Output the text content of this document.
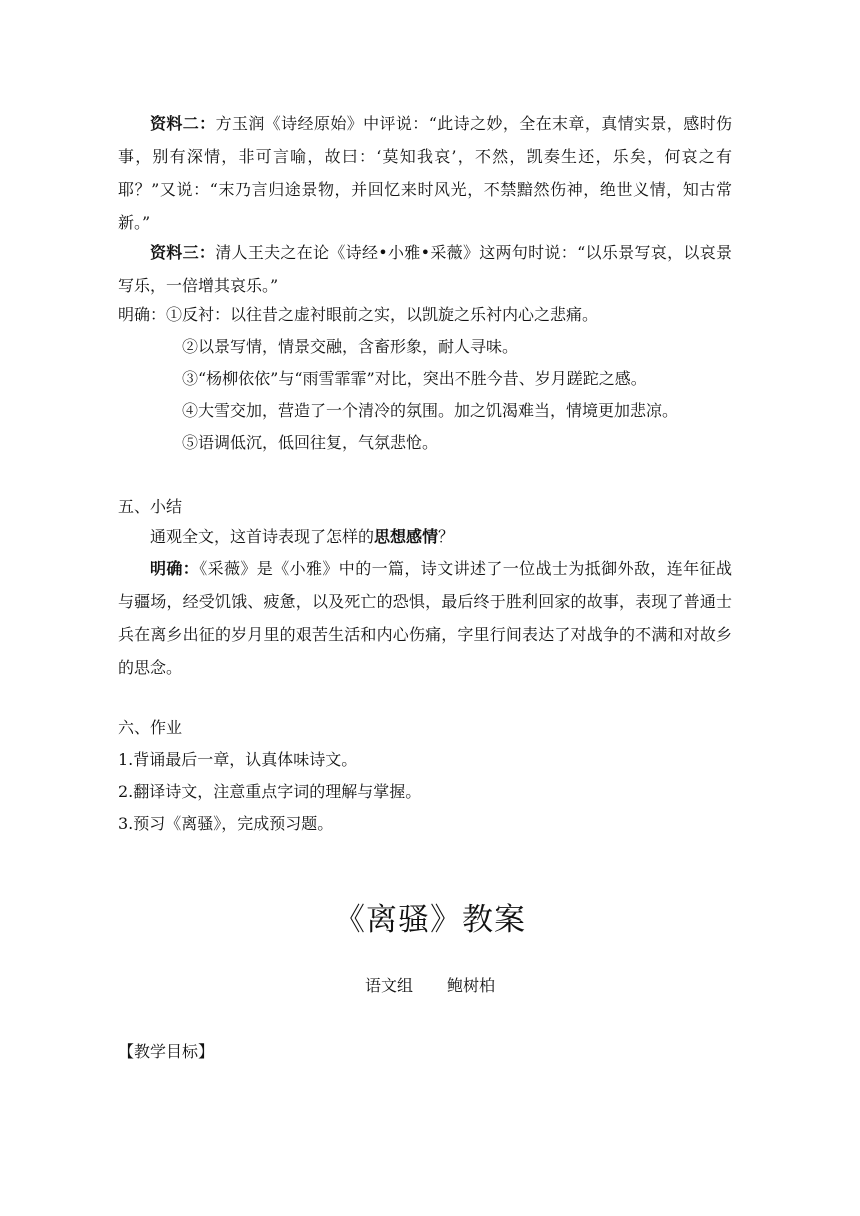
资料二：方玉润《诗经原始》中评说：“此诗之妙，全在末章，真情实景，感时伤事，别有深情，非可言喻，故曰：‘莫知我哀’，不然，凯奏生还，乐矣，何哀之有耶？”又说：“末乃言归途景物，并回忆来时风光，不禁黯然伤神，绝世义情，知古常新。”

资料三：清人王夫之在论《诗经•小雅•采薇》这两句时说：“以乐景写哀，以哀景写乐，一倍增其哀乐。”

明确：①反衬：以往昔之虚衬眼前之实，以凯旋之乐衬内心之悲痛。

②以景写情，情景交融，含畜形象，耐人寻味。

③“杨柳依依”与“雨雪霏霏”对比，突出不胜今昔、岁月蹉跎之感。

④大雪交加，营造了一个清冷的氛围。加之饥渴难当，情境更加悲凉。

⑤语调低沉，低回往复，气氛悲怆。

五、小结

通观全文，这首诗表现了怎样的思想感情？

明确：《采薇》是《小雅》中的一篇，诗文讲述了一位战士为抵御外敌，连年征战与疆场，经受饥饿、疲惫，以及死亡的恐惧，最后终于胜利回家的故事，表现了普通士兵在离乡出征的岁月里的艰苦生活和内心伤痛，字里行间表达了对战争的不满和对故乡的思念。

六、作业

1.背诵最后一章，认真体味诗文。

2.翻译诗文，注意重点字词的理解与掌握。

3.预习《离骚》，完成预习题。

《离骚》教案
语文组 鲍树柏

【教学目标】
